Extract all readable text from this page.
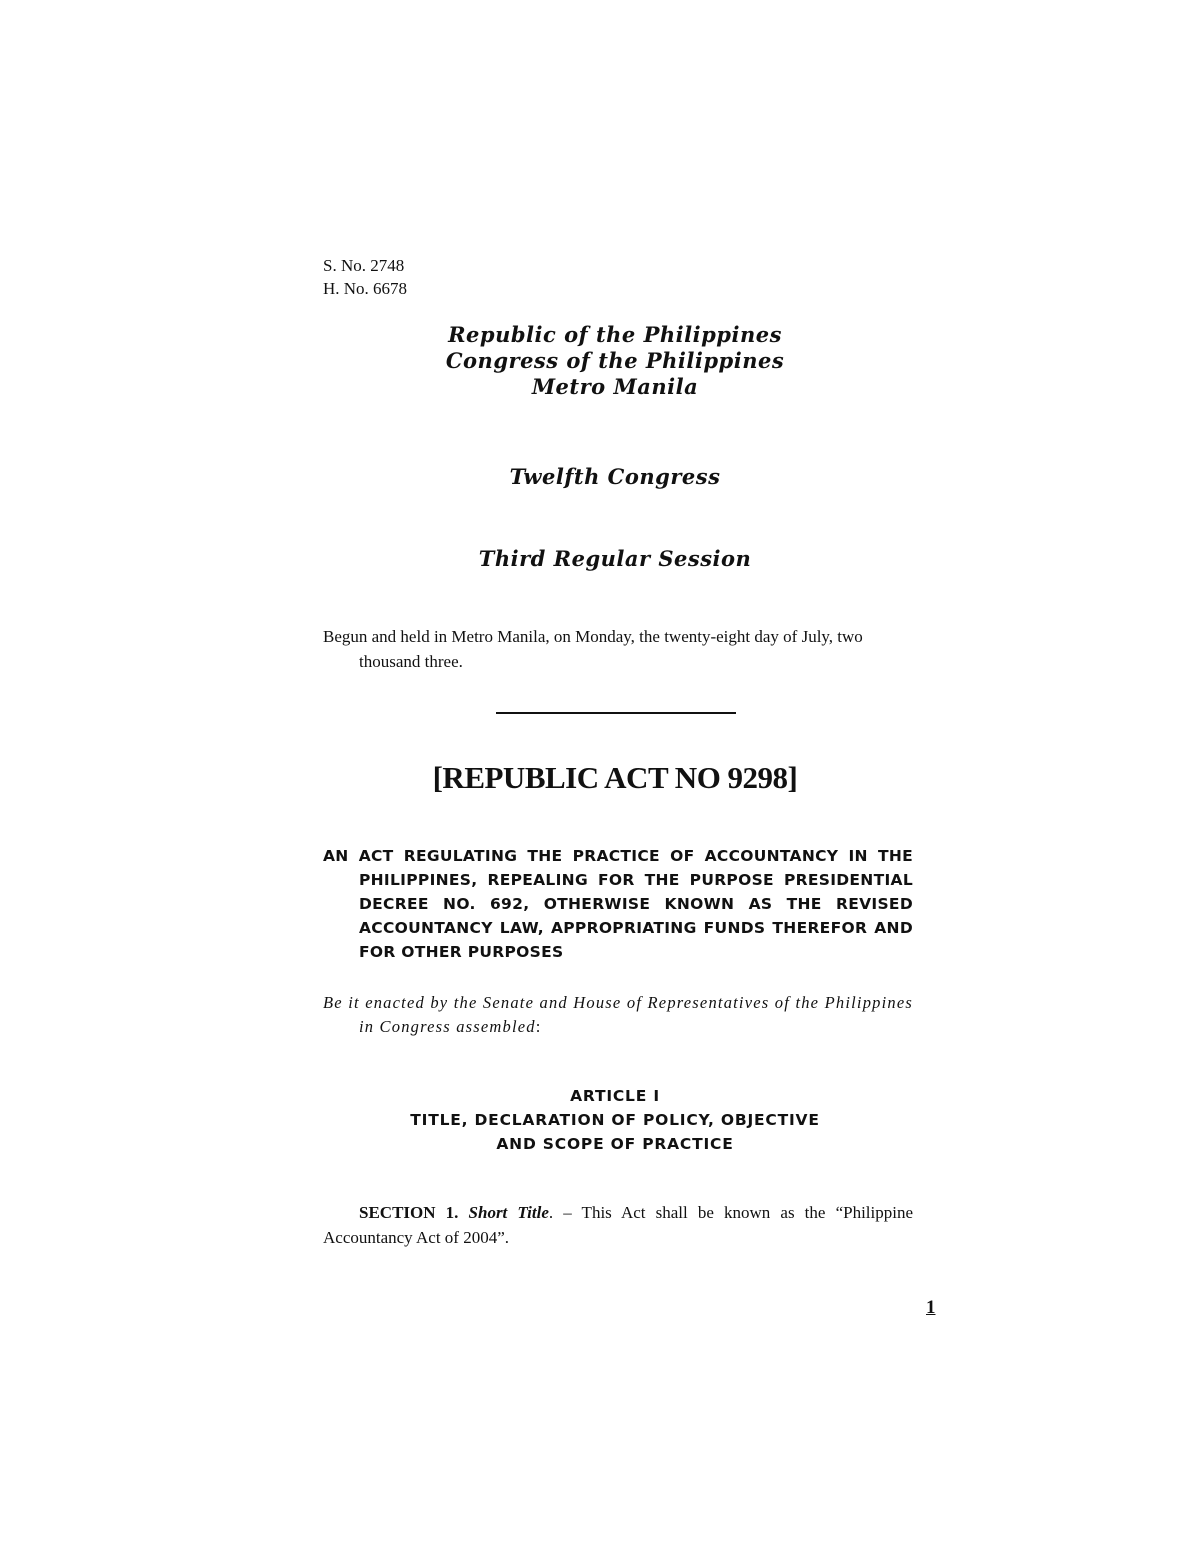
S. No. 2748
H. No. 6678
Republic of the Philippines
Congress of the Philippines
Metro Manila
Twelfth Congress
Third Regular Session
Begun and held in Metro Manila, on Monday, the twenty-eight day of July, two thousand three.
[REPUBLIC ACT NO 9298]
AN ACT REGULATING THE PRACTICE OF ACCOUNTANCY IN THE PHILIPPINES, REPEALING FOR THE PURPOSE PRESIDENTIAL DECREE NO. 692, OTHERWISE KNOWN AS THE REVISED ACCOUNTANCY LAW, APPROPRIATING FUNDS THEREFOR AND FOR OTHER PURPOSES
Be it enacted by the Senate and House of Representatives of the Philippines in Congress assembled:
ARTICLE I
TITLE, DECLARATION OF POLICY, OBJECTIVE
AND SCOPE OF PRACTICE
SECTION 1. Short Title. – This Act shall be known as the “Philippine Accountancy Act of 2004”.
1
